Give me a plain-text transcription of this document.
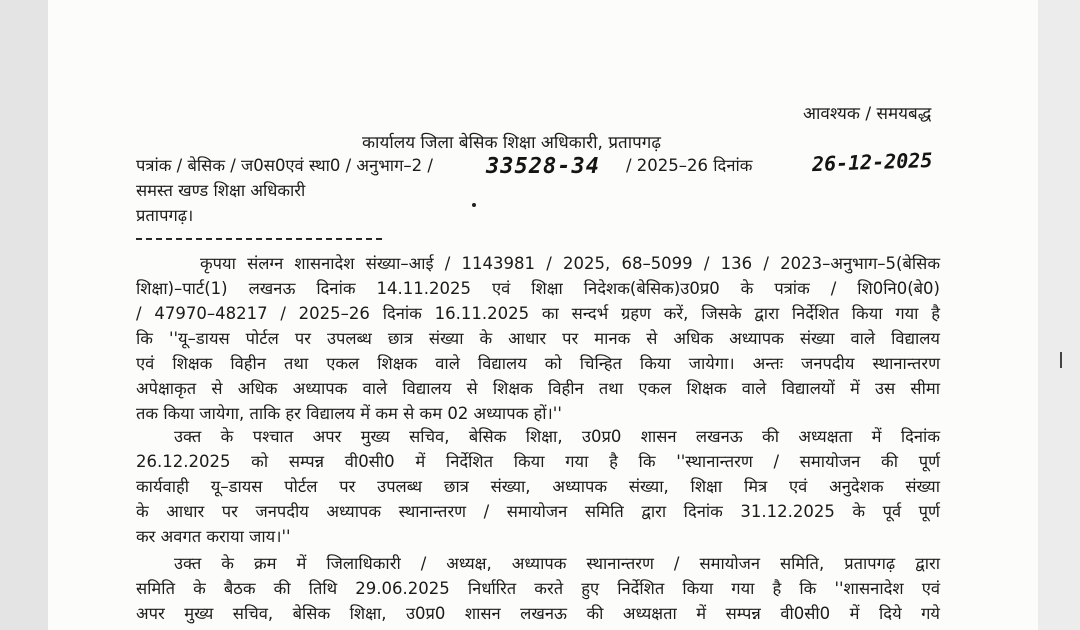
आवश्यक / समयबद्ध
कार्यालय जिला बेसिक शिक्षा अधिकारी, प्रतापगढ़
पत्रांक / बेसिक / ज0स0एवं स्था0 / अनुभाग–2 / 33528-34 / 2025–26 दिनांक	26-12-2025
समस्त खण्ड शिक्षा अधिकारी
प्रतापगढ़।
कृपया संलग्न शासनादेश संख्या–आई / 1143981 / 2025, 68–5099 / 136 / 2023–अनुभाग–5(बेसिक
शिक्षा)–पार्ट(1) लखनऊ दिनांक 14.11.2025 एवं शिक्षा निदेशक(बेसिक)उ0प्र0 के पत्रांक / शि0नि0(बे0)
/ 47970–48217 / 2025–26 दिनांक 16.11.2025 का सन्दर्भ ग्रहण करें, जिसके द्वारा निर्देशित किया गया है
कि ''यू–डायस पोर्टल पर उपलब्ध छात्र संख्या के आधार पर मानक से अधिक अध्यापक संख्या वाले विद्यालय
एवं शिक्षक विहीन तथा एकल शिक्षक वाले विद्यालय को चिन्हित किया जायेगा। अन्तः जनपदीय स्थानान्तरण
अपेक्षाकृत से अधिक अध्यापक वाले विद्यालय से शिक्षक विहीन तथा एकल शिक्षक वाले विद्यालयों में उस सीमा
तक किया जायेगा, ताकि हर विद्यालय में कम से कम 02 अध्यापक हों।''
उक्त के पश्चात अपर मुख्य सचिव, बेसिक शिक्षा, उ0प्र0 शासन लखनऊ की अध्यक्षता में दिनांक
26.12.2025 को सम्पन्न वी0सी0 में निर्देशित किया गया है कि ''स्थानान्तरण / समायोजन की पूर्ण
कार्यवाही यू–डायस पोर्टल पर उपलब्ध छात्र संख्या, अध्यापक संख्या, शिक्षा मित्र एवं अनुदेशक संख्या
के आधार पर जनपदीय अध्यापक स्थानान्तरण / समायोजन समिति द्वारा दिनांक 31.12.2025 के पूर्व पूर्ण
कर अवगत कराया जाय।''
उक्त के क्रम में जिलाधिकारी / अध्यक्ष, अध्यापक स्थानान्तरण / समायोजन समिति, प्रतापगढ़ द्वारा
समिति के बैठक की तिथि 29.06.2025 निर्धारित करते हुए निर्देशित किया गया है कि ''शासनादेश एवं
अपर मुख्य सचिव, बेसिक शिक्षा, उ0प्र0 शासन लखनऊ की अध्यक्षता में सम्पन्न वी0सी0 में दिये गये
